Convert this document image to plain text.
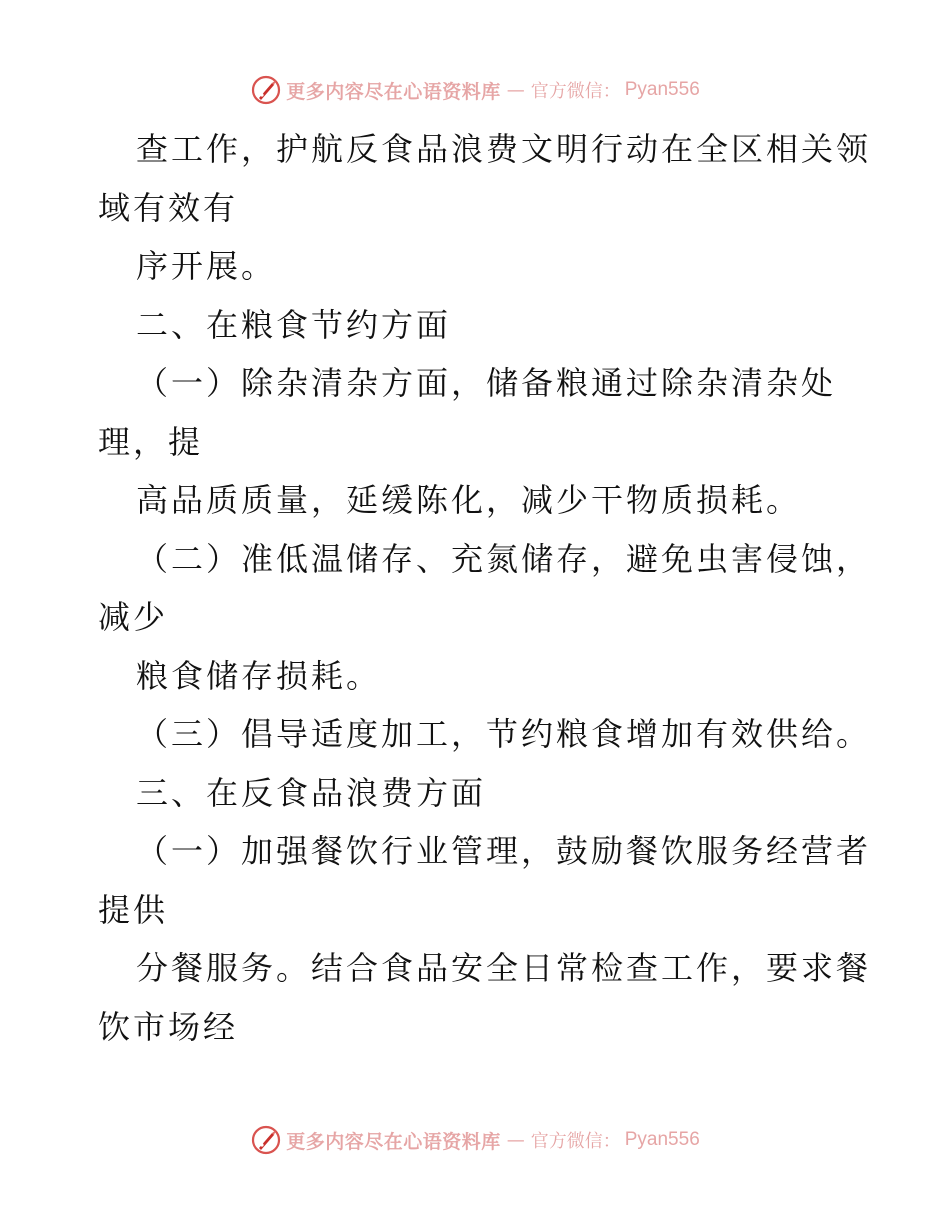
更多内容尽在心语资料库 — 官方微信： Pyan556
查工作，护航反食品浪费文明行动在全区相关领
域有效有
序开展。
二、在粮食节约方面
（一）除杂清杂方面，储备粮通过除杂清杂处
理，提
高品质质量，延缓陈化，减少干物质损耗。
（二）准低温储存、充氮储存，避免虫害侵蚀，
减少
粮食储存损耗。
（三）倡导适度加工，节约粮食增加有效供给。
三、在反食品浪费方面
（一）加强餐饮行业管理，鼓励餐饮服务经营者
提供
分餐服务。结合食品安全日常检查工作，要求餐
饮市场经
更多内容尽在心语资料库 — 官方微信： Pyan556
